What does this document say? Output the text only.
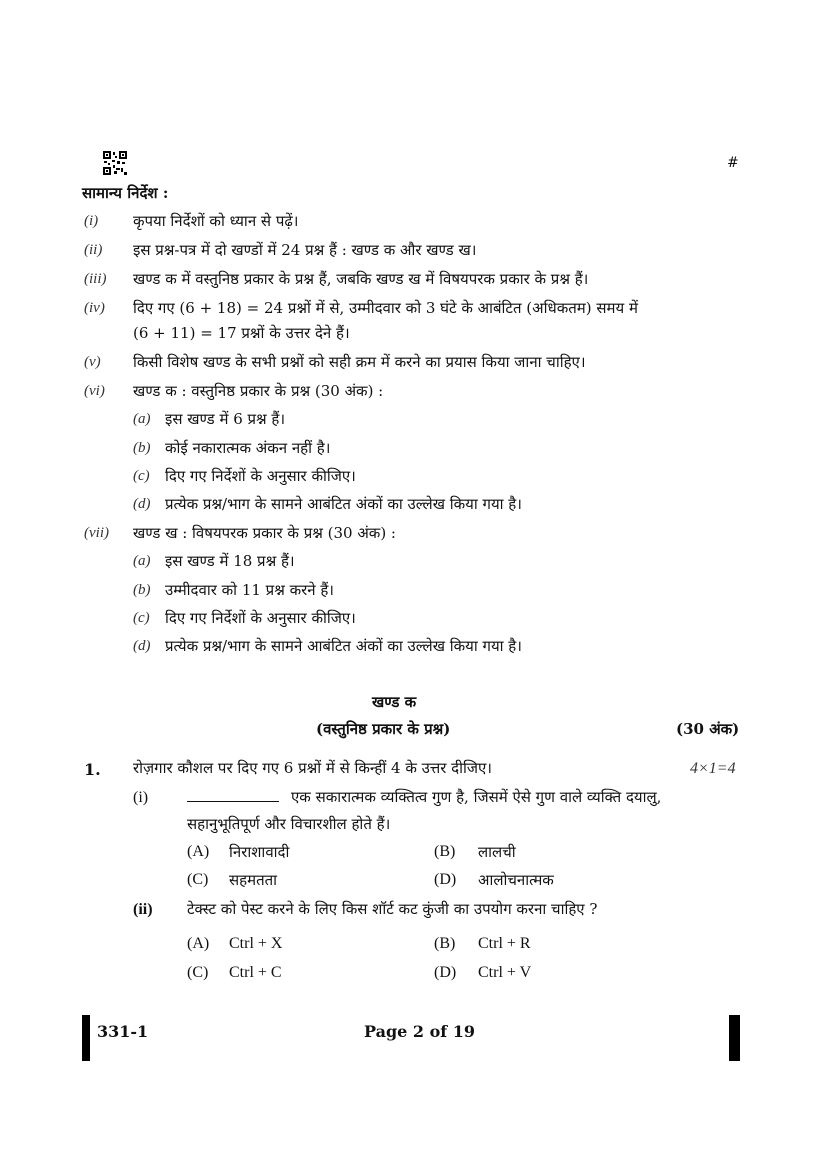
#
सामान्य निर्देश :
(i) कृपया निर्देशों को ध्यान से पढ़ें।
(ii) इस प्रश्न-पत्र में दो खण्डों में 24 प्रश्न हैं : खण्ड क और खण्ड ख।
(iii) खण्ड क में वस्तुनिष्ठ प्रकार के प्रश्न हैं, जबकि खण्ड ख में विषयपरक प्रकार के प्रश्न हैं।
(iv) दिए गए (6 + 18) = 24 प्रश्नों में से, उम्मीदवार को 3 घंटे के आबंटित (अधिकतम) समय में
(6 + 11) = 17 प्रश्नों के उत्तर देने हैं।
(v) किसी विशेष खण्ड के सभी प्रश्नों को सही क्रम में करने का प्रयास किया जाना चाहिए।
(vi) खण्ड क : वस्तुनिष्ठ प्रकार के प्रश्न (30 अंक) :
(a) इस खण्ड में 6 प्रश्न हैं।
(b) कोई नकारात्मक अंकन नहीं है।
(c) दिए गए निर्देशों के अनुसार कीजिए।
(d) प्रत्येक प्रश्न/भाग के सामने आबंटित अंकों का उल्लेख किया गया है।
(vii) खण्ड ख : विषयपरक प्रकार के प्रश्न (30 अंक) :
(a) इस खण्ड में 18 प्रश्न हैं।
(b) उम्मीदवार को 11 प्रश्न करने हैं।
(c) दिए गए निर्देशों के अनुसार कीजिए।
(d) प्रत्येक प्रश्न/भाग के सामने आबंटित अंकों का उल्लेख किया गया है।
खण्ड क
(वस्तुनिष्ठ प्रकार के प्रश्न)	(30 अंक)
1. रोज़गार कौशल पर दिए गए 6 प्रश्नों में से किन्हीं 4 के उत्तर दीजिए।	4×1=4
(i)	एक सकारात्मक व्यक्तित्व गुण है, जिसमें ऐसे गुण वाले व्यक्ति दयालु,
सहानुभूतिपूर्ण और विचारशील होते हैं।
(A) निराशावादी	(B) लालची
(C) सहमतता	(D) आलोचनात्मक
(ii) टेक्स्ट को पेस्ट करने के लिए किस शॉर्ट कट कुंजी का उपयोग करना चाहिए ?
(A) Ctrl + X	(B) Ctrl + R
(C) Ctrl + C	(D) Ctrl + V
331-1	Page 2 of 19
